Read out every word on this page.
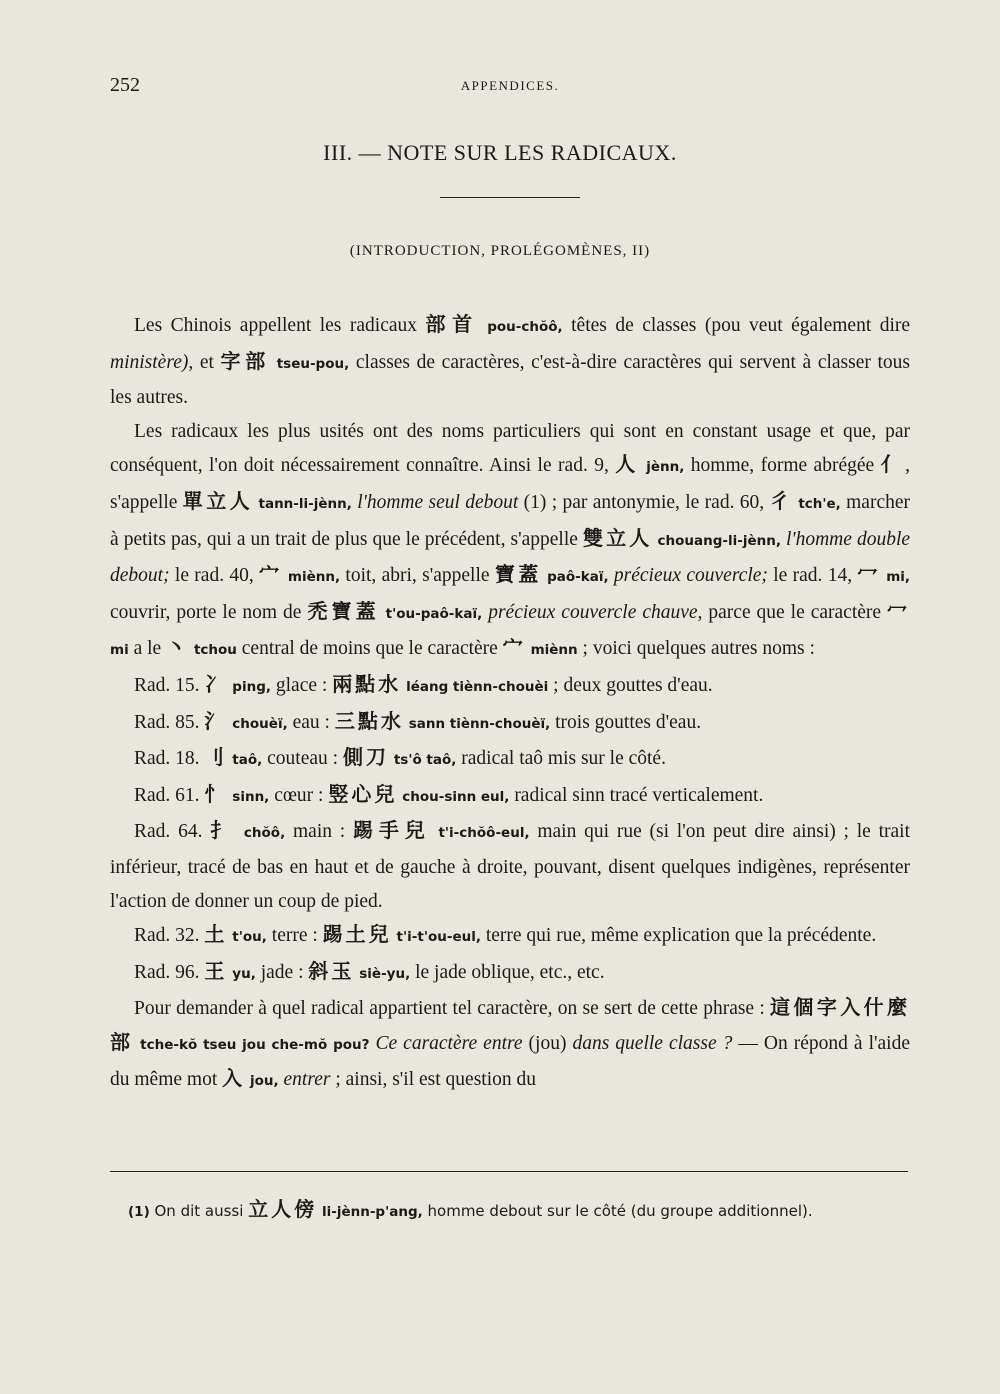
252	APPENDICES.
III. — NOTE SUR LES RADICAUX.
(INTRODUCTION, PROLÉGOMÈNES, II)

Les Chinois appellent les radicaux 部首 pou-chŏô, têtes de classes (pou veut également dire ministère), et 字部 tseu-pou, classes de caractères, c'est-à-dire caractères qui servent à classer tous les autres.

Les radicaux les plus usités ont des noms particuliers qui sont en constant usage et que, par conséquent, l'on doit nécessairement connaître. Ainsi le rad. 9, 人 jènn, homme, forme abrégée 亻, s'appelle 單立人 tann-li-jènn, l'homme seul debout (1) ; par antonymie, le rad. 60, 彳 tch'e, marcher à petits pas, qui a un trait de plus que le précédent, s'appelle 雙立人 chouang-li-jènn, l'homme double debout; le rad. 40, 宀 miènn, toit, abri, s'appelle 寶蓋 paô-kaï, précieux couvercle; le rad. 14, 冖 mi, couvrir, porte le nom de 禿寶蓋 t'ou-paô-kaï, précieux couvercle chauve, parce que le caractère 冖 mi a le 丶 tchou central de moins que le caractère 宀 miènn ; voici quelques autres noms :

Rad. 15. 冫 ping, glace : 兩點水 léang tiènn-chouèi ; deux gouttes d'eau.

Rad. 85. 氵 chouèï, eau : 三點水 sann tiènn-chouèï, trois gouttes d'eau.

Rad. 18. 刂 taô, couteau : 側刀 ts'ô taô, radical taô mis sur le côté.

Rad. 61. 忄 sinn, cœur : 竪心兒 chou-sinn eul, radical sinn tracé verticalement.

Rad. 64. 扌 chŏô, main : 踢手兒 t'i-chŏô-eul, main qui rue (si l'on peut dire ainsi) ; le trait inférieur, tracé de bas en haut et de gauche à droite, pouvant, disent quelques indigènes, représenter l'action de donner un coup de pied.

Rad. 32. 土 t'ou, terre : 踢土兒 t'i-t'ou-eul, terre qui rue, même explication que la précédente.

Rad. 96. 王 yu, jade : 斜玉 siè-yu, le jade oblique, etc., etc.

Pour demander à quel radical appartient tel caractère, on se sert de cette phrase : 這個字入什麼部 tche-kŏ tseu jou che-mŏ pou? Ce caractère entre (jou) dans quelle classe ? — On répond à l'aide du même mot 入 jou, entrer ; ainsi, s'il est question du

(1) On dit aussi 立人傍 li-jènn-p'ang, homme debout sur le côté (du groupe additionnel).
